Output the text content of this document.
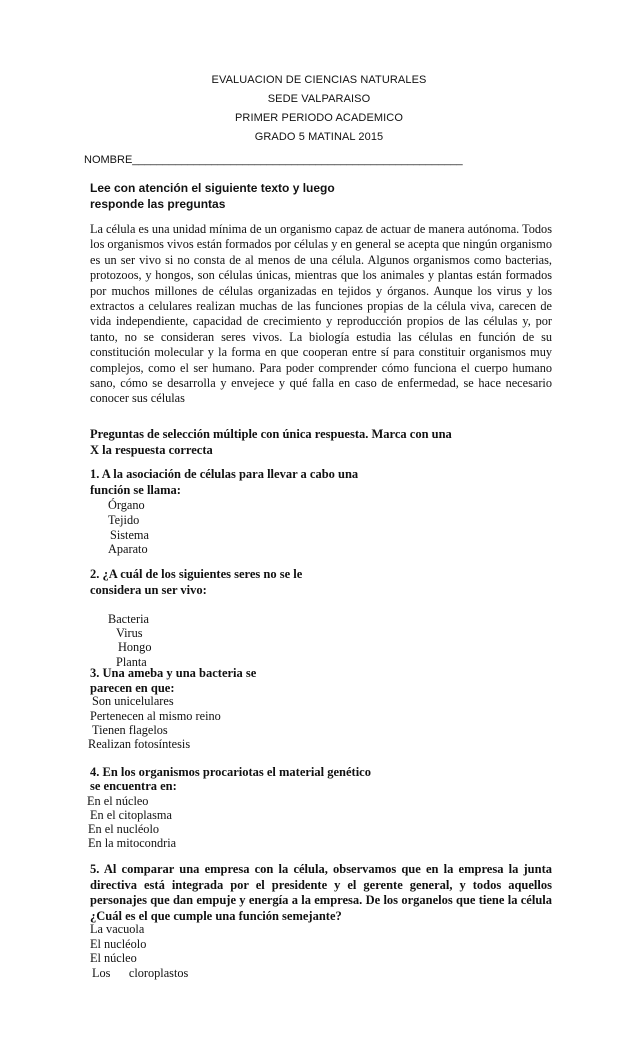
EVALUACION DE CIENCIAS NATURALES
SEDE VALPARAISO
PRIMER PERIODO ACADEMICO
GRADO 5 MATINAL 2015
NOMBRE______________________________________________________
Lee con atención el siguiente texto y luego
responde las preguntas
La célula es una unidad mínima de un organismo capaz de actuar de manera autónoma. Todos los organismos vivos están formados por células y en general se acepta que ningún organismo es un ser vivo si no consta de al menos de una célula. Algunos organismos como bacterias, protozoos, y hongos, son células únicas, mientras que los animales y plantas están formados por muchos millones de células organizadas en tejidos y órganos. Aunque los virus y los extractos a celulares realizan muchas de las funciones propias de la célula viva, carecen de vida independiente, capacidad de crecimiento y reproducción propios de las células y, por tanto, no se consideran seres vivos. La biología estudia las células en función de su constitución molecular y la forma en que cooperan entre sí para constituir organismos muy complejos, como el ser humano. Para poder comprender cómo funciona el cuerpo humano sano, cómo se desarrolla y envejece y qué falla en caso de enfermedad, se hace necesario conocer sus células
Preguntas de selección múltiple con única respuesta. Marca con una
X la respuesta correcta
1. A la asociación de células para llevar a cabo una
función se llama:
Órgano
Tejido
Sistema
Aparato
2. ¿A cuál de los siguientes seres no se le
considera un ser vivo:
Bacteria
Virus
Hongo
Planta
3. Una ameba y una bacteria se
parecen en que:
Son unicelulares
Pertenecen al mismo reino
Tienen flagelos
Realizan fotosíntesis
4. En los organismos procariotas el material genético
se encuentra en:
En el núcleo
En el citoplasma
En el nucléolo
En la mitocondria
5. Al comparar una empresa con la célula, observamos que en la empresa la junta directiva está integrada por el presidente y el gerente general, y todos aquellos personajes que dan empuje y energía a la empresa. De los organelos que tiene la célula ¿Cuál es el que cumple una función semejante?
La vacuola
El nucléolo
El núcleo
Los      cloroplastos
